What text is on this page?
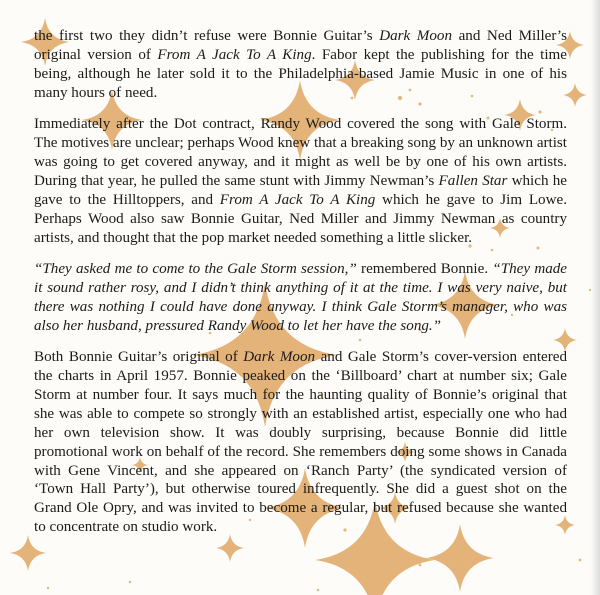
the first two they didn’t refuse were Bonnie Guitar’s Dark Moon and Ned Miller’s original version of From A Jack To A King. Fabor kept the publishing for the time being, although he later sold it to the Philadelphia-based Jamie Music in one of his many hours of need.

Immediately after the Dot contract, Randy Wood covered the song with Gale Storm. The motives are unclear; perhaps Wood knew that a breaking song by an unknown artist was going to get covered anyway, and it might as well be by one of his own artists. During that year, he pulled the same stunt with Jimmy Newman’s Fallen Star which he gave to the Hilltoppers, and From A Jack To A King which he gave to Jim Lowe. Perhaps Wood also saw Bonnie Guitar, Ned Miller and Jimmy Newman as country artists, and thought that the pop market needed something a little slicker.

“They asked me to come to the Gale Storm session,” remembered Bonnie. “They made it sound rather rosy, and I didn’t think anything of it at the time. I was very naive, but there was nothing I could have done anyway. I think Gale Storm’s manager, who was also her husband, pressured Randy Wood to let her have the song.”

Both Bonnie Guitar’s original of Dark Moon and Gale Storm’s cover-version entered the charts in April 1957. Bonnie peaked on the ‘Billboard’ chart at number six; Gale Storm at number four. It says much for the haunting quality of Bonnie’s original that she was able to compete so strongly with an established artist, especially one who had her own television show. It was doubly surprising, because Bonnie did little promotional work on behalf of the record. She remembers doing some shows in Canada with Gene Vincent, and she appeared on ‘Ranch Party’ (the syndicated version of ‘Town Hall Party’), but otherwise toured infrequently. She did a guest shot on the Grand Ole Opry, and was invited to become a regular, but refused because she wanted to concentrate on studio work.
